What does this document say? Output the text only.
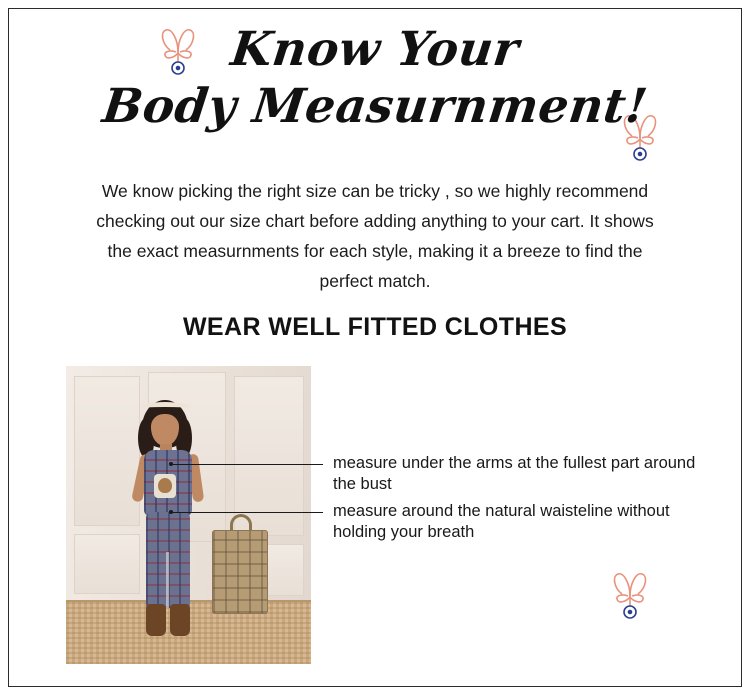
Know Your
Body Measurnment!
We know picking the right size can be tricky , so we highly recommend checking out our size chart before adding anything to your cart. It shows the exact measurnments for each style, making it a breeze to find the perfect match.
WEAR WELL FITTED CLOTHES
measure under the arms at the fullest part around the bust
measure around the natural waisteline without holding your breath
